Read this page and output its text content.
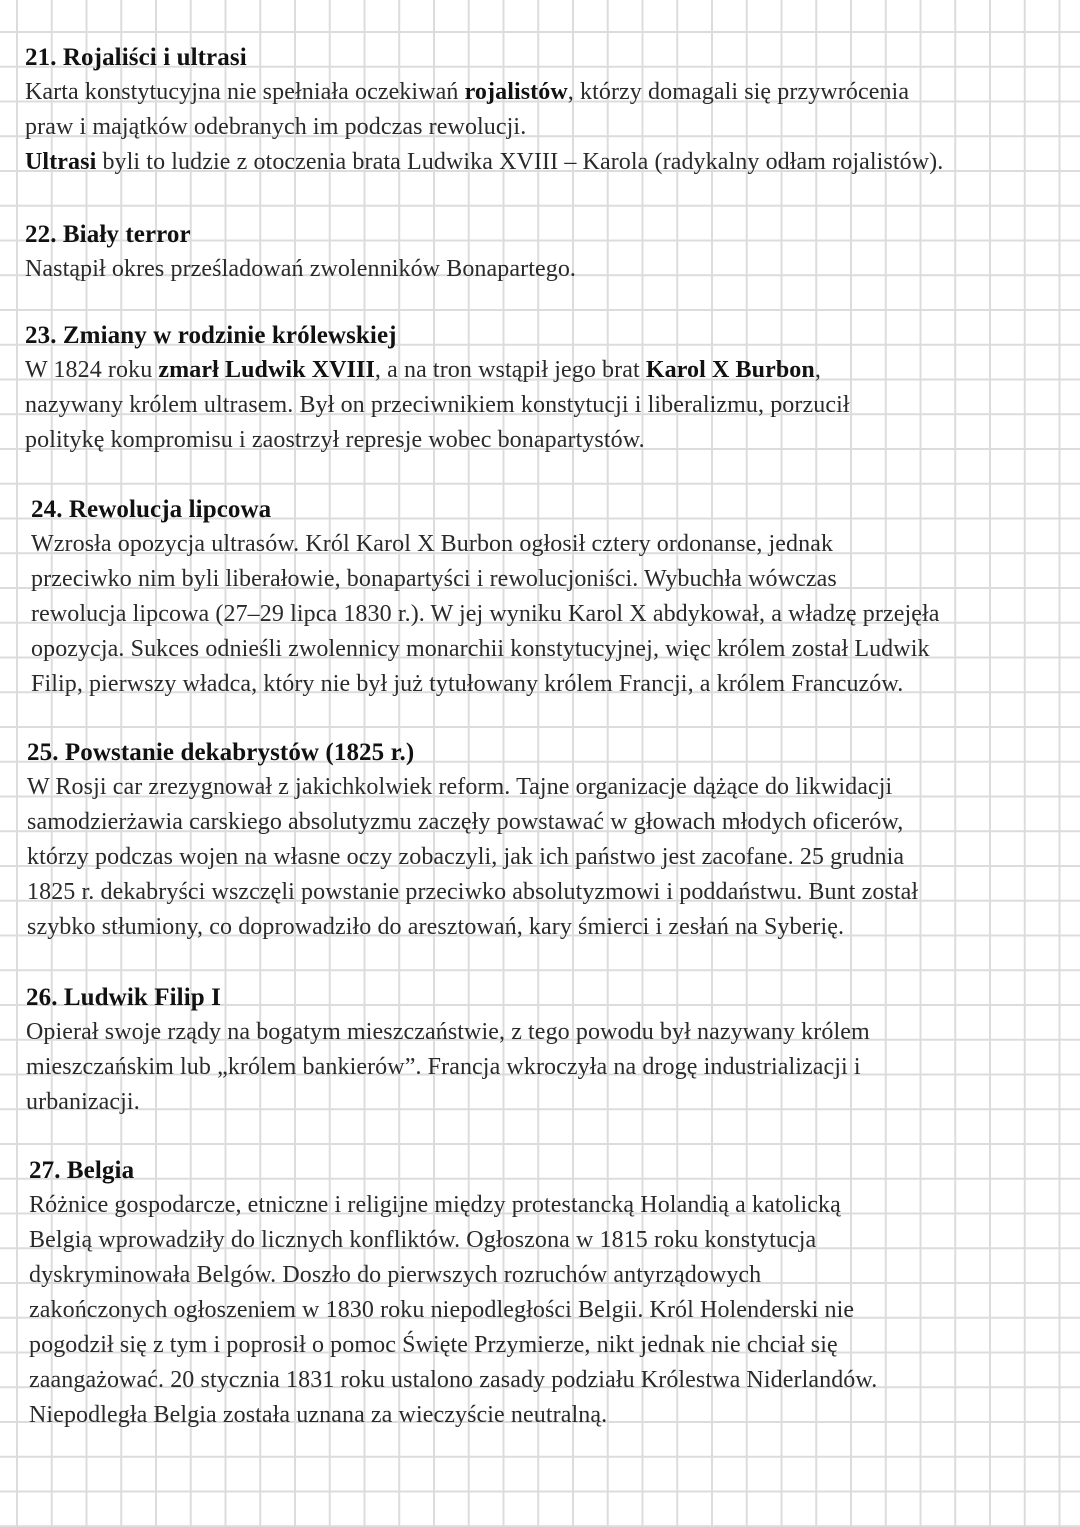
21. Rojaliści i ultrasi

Karta konstytucyjna nie spełniała oczekiwań rojalistów, którzy domagali się przywrócenia

praw i majątków odebranych im podczas rewolucji.

Ultrasi byli to ludzie z otoczenia brata Ludwika XVIII – Karola (radykalny odłam rojalistów).

22. Biały terror

Nastąpił okres prześladowań zwolenników Bonapartego.

23. Zmiany w rodzinie królewskiej

W 1824 roku zmarł Ludwik XVIII, a na tron wstąpił jego brat Karol X Burbon,

nazywany królem ultrasem. Był on przeciwnikiem konstytucji i liberalizmu, porzucił

politykę kompromisu i zaostrzył represje wobec bonapartystów.

24. Rewolucja lipcowa

Wzrosła opozycja ultrasów. Król Karol X Burbon ogłosił cztery ordonanse, jednak

przeciwko nim byli liberałowie, bonapartyści i rewolucjoniści. Wybuchła wówczas

rewolucja lipcowa (27–29 lipca 1830 r.). W jej wyniku Karol X abdykował, a władzę przejęła

opozycja. Sukces odnieśli zwolennicy monarchii konstytucyjnej, więc królem został Ludwik

Filip, pierwszy władca, który nie był już tytułowany królem Francji, a królem Francuzów.

25. Powstanie dekabrystów (1825 r.)

W Rosji car zrezygnował z jakichkolwiek reform. Tajne organizacje dążące do likwidacji

samodzierżawia carskiego absolutyzmu zaczęły powstawać w głowach młodych oficerów,

którzy podczas wojen na własne oczy zobaczyli, jak ich państwo jest zacofane. 25 grudnia

1825 r. dekabryści wszczęli powstanie przeciwko absolutyzmowi i poddaństwu. Bunt został

szybko stłumiony, co doprowadziło do aresztowań, kary śmierci i zesłań na Syberię.

26. Ludwik Filip I

Opierał swoje rządy na bogatym mieszczaństwie, z tego powodu był nazywany królem

mieszczańskim lub „królem bankierów”. Francja wkroczyła na drogę industrializacji i

urbanizacji.

27. Belgia

Różnice gospodarcze, etniczne i religijne między protestancką Holandią a katolicką

Belgią wprowadziły do licznych konfliktów. Ogłoszona w 1815 roku konstytucja

dyskryminowała Belgów. Doszło do pierwszych rozruchów antyrządowych

zakończonych ogłoszeniem w 1830 roku niepodległości Belgii. Król Holenderski nie

pogodził się z tym i poprosił o pomoc Święte Przymierze, nikt jednak nie chciał się

zaangażować. 20 stycznia 1831 roku ustalono zasady podziału Królestwa Niderlandów.

Niepodległa Belgia została uznana za wieczyście neutralną.
